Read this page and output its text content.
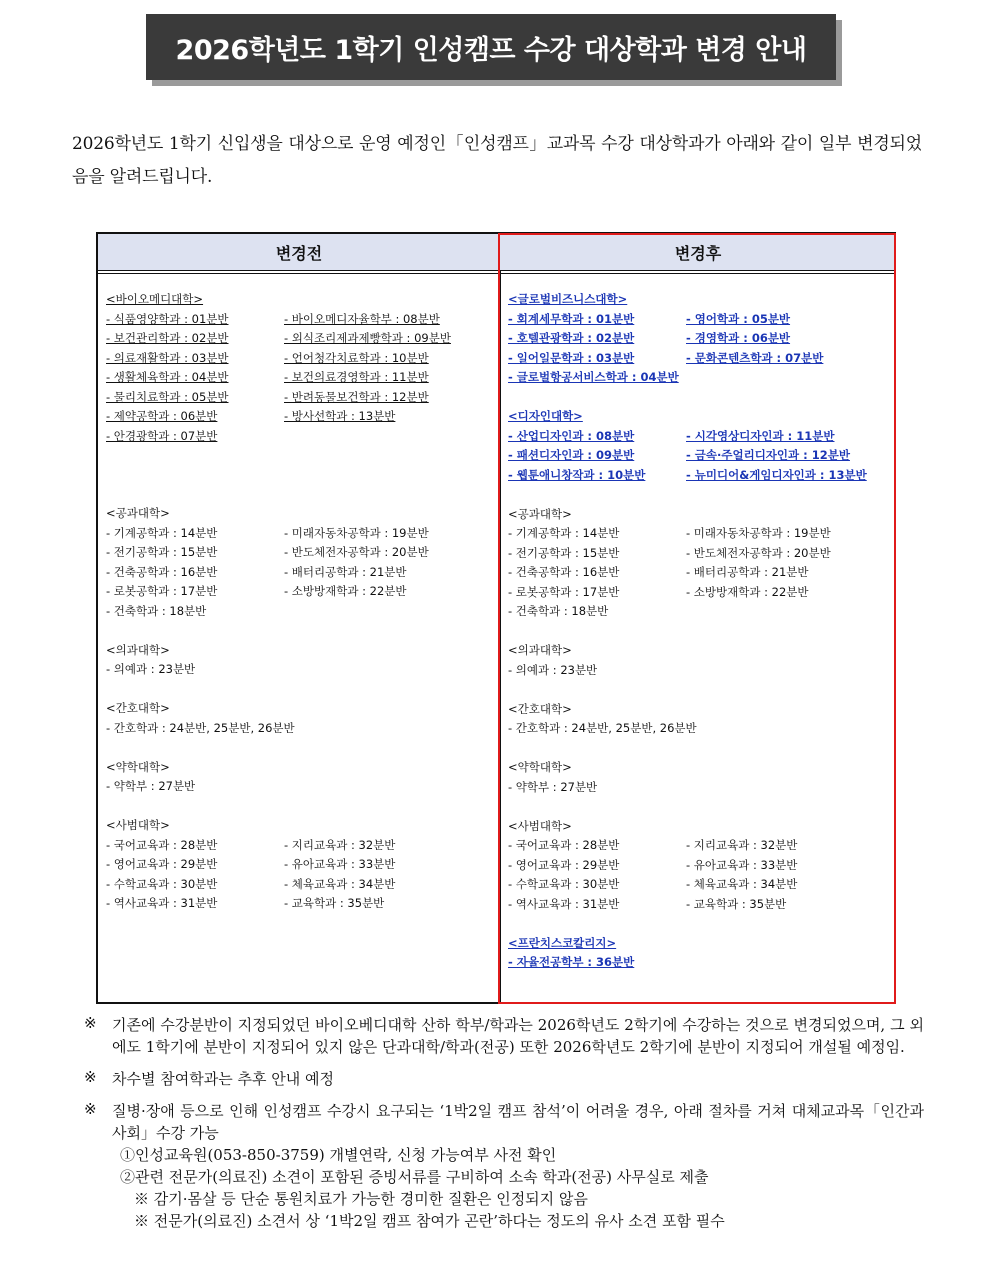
2026학년도 1학기 인성캠프 수강 대상학과 변경 안내
2026학년도 1학기 신입생을 대상으로 운영 예정인「인성캠프」교과목 수강 대상학과가 아래와 같이 일부 변경되었음을 알려드립니다.
변경전
<바이오메디대학>
- 식품영양학과 : 01분반	- 바이오메디자율학부 : 08분반
- 보건관리학과 : 02분반	- 외식조리제과제빵학과 : 09분반
- 의료재활학과 : 03분반	- 언어청각치료학과 : 10분반
- 생활체육학과 : 04분반	- 보건의료경영학과 : 11분반
- 물리치료학과 : 05분반	- 반려동물보건학과 : 12분반
- 제약공학과 : 06분반	- 방사선학과 : 13분반
- 안경광학과 : 07분반
<공과대학>
- 기계공학과 : 14분반	- 미래자동차공학과 : 19분반
- 전기공학과 : 15분반	- 반도체전자공학과 : 20분반
- 건축공학과 : 16분반	- 배터리공학과 : 21분반
- 로봇공학과 : 17분반	- 소방방재학과 : 22분반
- 건축학과 : 18분반
<의과대학>
- 의예과 : 23분반
<간호대학>
- 간호학과 : 24분반, 25분반, 26분반
<약학대학>
- 약학부 : 27분반
<사범대학>
- 국어교육과 : 28분반	- 지리교육과 : 32분반
- 영어교육과 : 29분반	- 유아교육과 : 33분반
- 수학교육과 : 30분반	- 체육교육과 : 34분반
- 역사교육과 : 31분반	- 교육학과 : 35분반
변경후
<글로벌비즈니스대학>
- 회계세무학과 : 01분반	- 영어학과 : 05분반
- 호텔관광학과 : 02분반	- 경영학과 : 06분반
- 일어일문학과 : 03분반	- 문화콘텐츠학과 : 07분반
- 글로벌항공서비스학과 : 04분반
<디자인대학>
- 산업디자인과 : 08분반	- 시각영상디자인과 : 11분반
- 패션디자인과 : 09분반	- 금속·주얼리디자인과 : 12분반
- 웹툰애니창작과 : 10분반	- 뉴미디어&게임디자인과 : 13분반
<공과대학>
- 기계공학과 : 14분반	- 미래자동차공학과 : 19분반
- 전기공학과 : 15분반	- 반도체전자공학과 : 20분반
- 건축공학과 : 16분반	- 배터리공학과 : 21분반
- 로봇공학과 : 17분반	- 소방방재학과 : 22분반
- 건축학과 : 18분반
<의과대학>
- 의예과 : 23분반
<간호대학>
- 간호학과 : 24분반, 25분반, 26분반
<약학대학>
- 약학부 : 27분반
<사범대학>
- 국어교육과 : 28분반	- 지리교육과 : 32분반
- 영어교육과 : 29분반	- 유아교육과 : 33분반
- 수학교육과 : 30분반	- 체육교육과 : 34분반
- 역사교육과 : 31분반	- 교육학과 : 35분반
<프란치스코칼리지>
- 자율전공학부 : 36분반
※	기존에 수강분반이 지정되었던 바이오베디대학 산하 학부/학과는 2026학년도 2학기에 수강하는 것으로 변경되었으며, 그 외에도 1학기에 분반이 지정되어 있지 않은 단과대학/학과(전공) 또한 2026학년도 2학기에 분반이 지정되어 개설될 예정임.
※	차수별 참여학과는 추후 안내 예정
※	질병·장애 등으로 인해 인성캠프 수강시 요구되는 ‘1박2일 캠프 참석’이 어려울 경우, 아래 절차를 거쳐 대체교과목「인간과사회」수강 가능
①인성교육원(053-850-3759) 개별연락, 신청 가능여부 사전 확인
②관련 전문가(의료진) 소견이 포함된 증빙서류를 구비하여 소속 학과(전공) 사무실로 제출
※ 감기·몸살 등 단순 통원치료가 가능한 경미한 질환은 인정되지 않음
※ 전문가(의료진) 소견서 상 ‘1박2일 캠프 참여가 곤란’하다는 정도의 유사 소견 포함 필수
